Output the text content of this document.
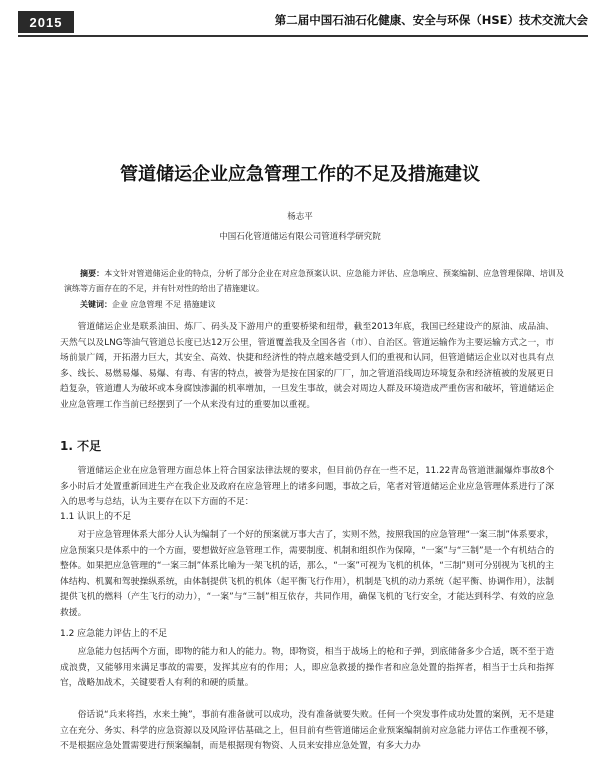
2015	第二届中国石油石化健康、安全与环保（HSE）技术交流大会
管道储运企业应急管理工作的不足及措施建议
杨志平
中国石化管道储运有限公司管道科学研究院
摘要：本文针对管道储运企业的特点，分析了部分企业在对应急预案认识、应急能力评估、应急响应、预案编制、应急管理保障、培训及演练等方面存在的不足，并有针对性的给出了措施建议。
关键词：企业 应急管理 不足 措施建议
管道储运企业是联系油田、炼厂、码头及下游用户的重要桥梁和纽带，截至2013年底，我国已经建设产的原油、成品油、天然气以及LNG等油气管道总长度已达12万公里，管道覆盖我及全国各省（市）、自治区。管道运输作为主要运输方式之一，市场前景广阔，开拓潜力巨大，其安全、高效、快捷和经济性的特点越来越受到人们的重视和认同，但管道储运企业以对也具有点多、线长、易燃易爆、易爆、有毒、有害的特点，被誉为是按在国家的厂厂，加之管道沿线周边环境复杂和经济植被的发展更日趋复杂，管道遭人为破坏或本身腐蚀渗漏的机率增加，一旦发生事故，就会对周边人群及环境造成严重伤害和破坏，管道储运企业应急管理工作当前已经摆到了一个从来没有过的重要加以重视。
1. 不足
管道储运企业在应急管理方面总体上符合国家法律法规的要求，但目前仍存在一些不足，11.22青岛管道泄漏爆炸事故8个多小时后才处置重新回进生产在我企业及政府在应急管理上的诸多问题，事故之后，笔者对管道储运企业应急管理体系进行了深入的思考与总结，认为主要存在以下方面的不足：
1.1 认识上的不足
对于应急管理体系大部分人认为编制了一个好的预案就万事大吉了，实则不然，按照我国的应急管理“一案三制”体系要求，应急预案只是体系中的一个方面，要想做好应急管理工作，需要制度、机制和组织作为保障，“一案”与“三制”是一个有机结合的整体。如果把应急管理的“一案三制”体系比喻为一架飞机的话，那么，“一案”可视为飞机的机体，“三制”则可分别视为飞机的主体结构、机翼和驾驶操纵系统，由体制提供飞机的机体（起平衡飞行作用），机制是飞机的动力系统（起平衡、协调作用），法制提供飞机的燃料（产生飞行的动力），“一案”与“三制”相互依存，共同作用，确保飞机的飞行安全，才能达到科学、有效的应急救援。
1.2 应急能力评估上的不足
应急能力包括两个方面，即物的能力和人的能力。物，即物资，相当于战场上的枪和子弹，到底储备多少合适，既不至于造成浪费，又能够用来满足事故的需要，发挥其应有的作用；人，即应急救援的操作者和应急处置的指挥者，相当于士兵和指挥官，战略加战术，关键要看人有利的和硬的质量。
俗话说“兵来将挡，水来土掩”，事前有准备就可以成功，没有准备就要失败。任何一个突发事件成功处置的案例，无不是建立在充分、务实、科学的应急资源以及风险评估基础之上，但目前有些管道储运企业预案编制前对应急能力评估工作重视不够，不是根据应急处置需要进行预案编制，而是根据现有物资、人员来安排应急处置，有多大力办
